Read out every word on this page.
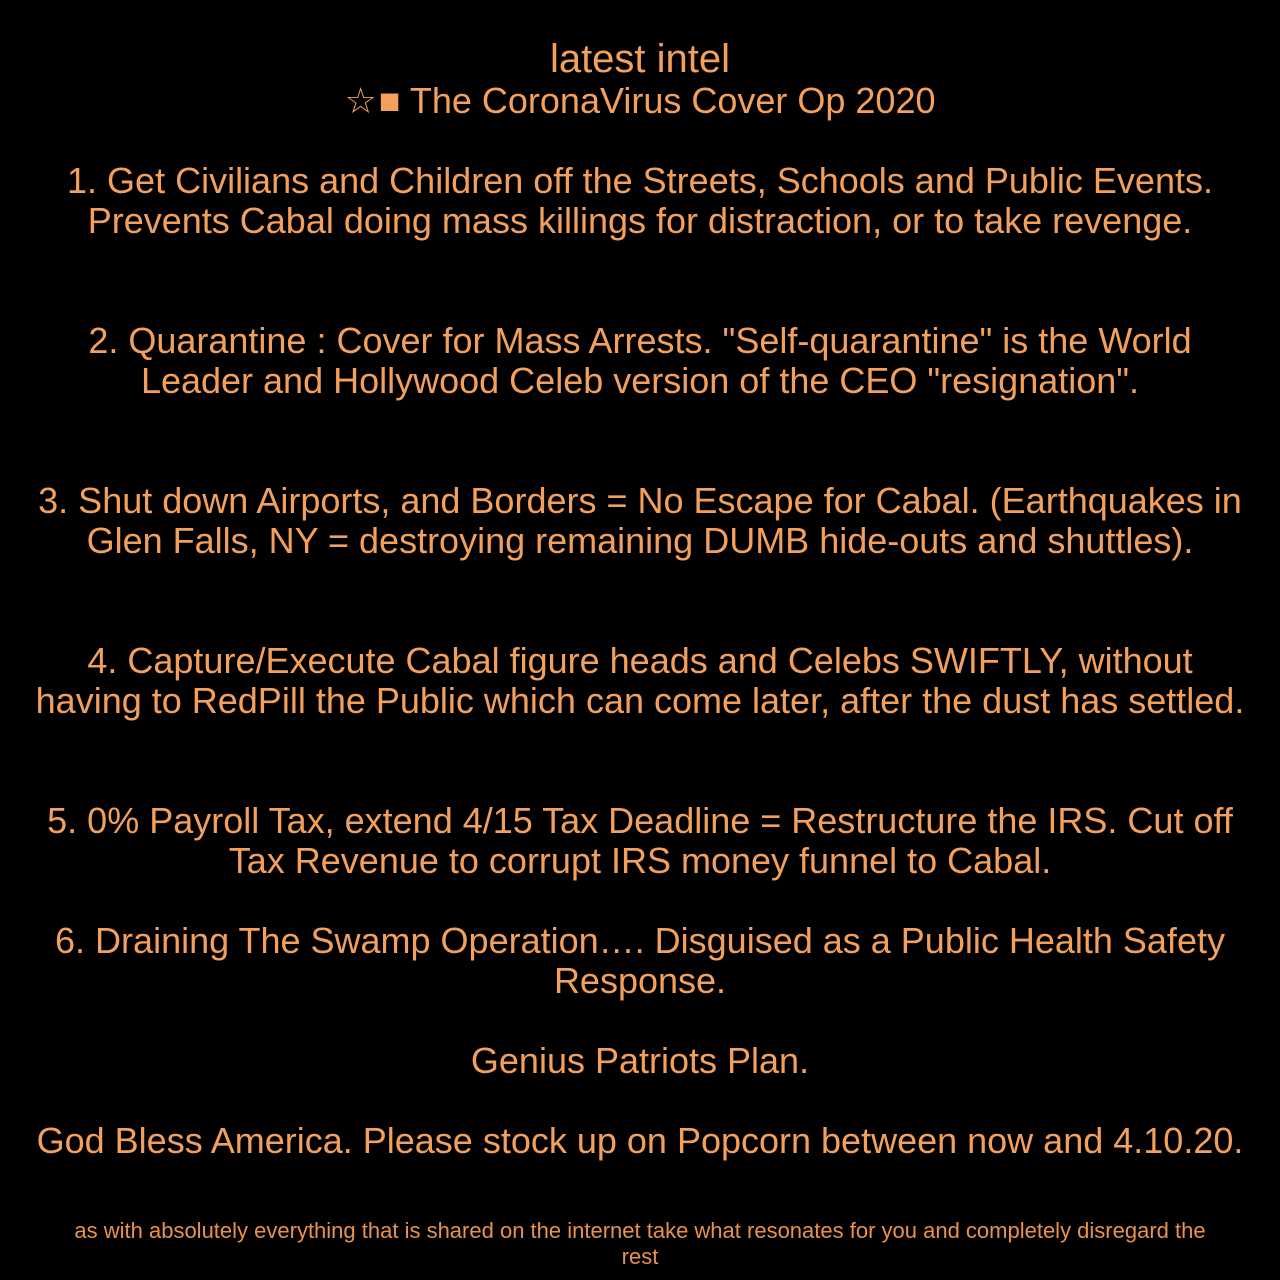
latest intel
☆■ The CoronaVirus Cover Op 2020

1. Get Civilians and Children off the Streets, Schools and Public Events. Prevents Cabal doing mass killings for distraction, or to take revenge.

2. Quarantine : Cover for Mass Arrests. "Self-quarantine" is the World Leader and Hollywood Celeb version of the CEO "resignation".

3. Shut down Airports, and Borders = No Escape for Cabal. (Earthquakes in Glen Falls, NY = destroying remaining DUMB hide-outs and shuttles).

4. Capture/Execute Cabal figure heads and Celebs SWIFTLY, without having to RedPill the Public which can come later, after the dust has settled.

5. 0% Payroll Tax, extend 4/15 Tax Deadline = Restructure the IRS. Cut off Tax Revenue to corrupt IRS money funnel to Cabal.

6. Draining The Swamp Operation…. Disguised as a Public Health Safety Response.

Genius Patriots Plan.

God Bless America. Please stock up on Popcorn between now and 4.10.20.

as with absolutely everything that is shared on the internet take what resonates for you and completely disregard the rest
